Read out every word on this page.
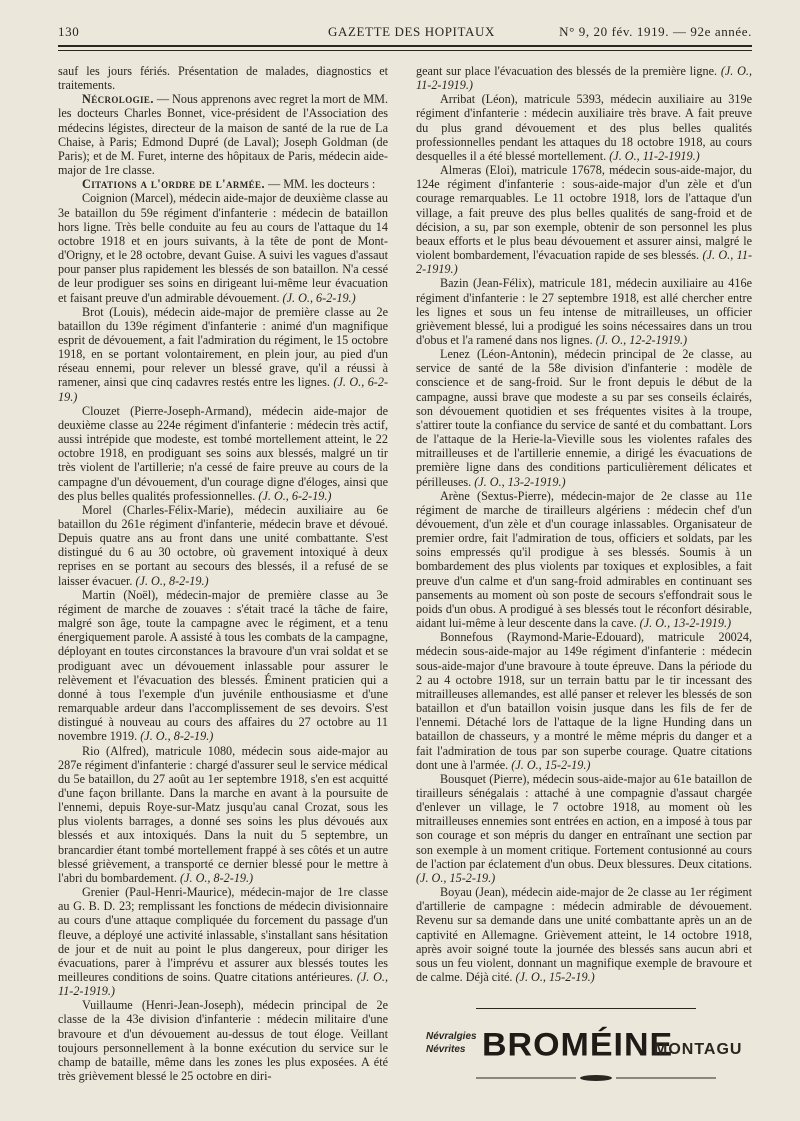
130	GAZETTE DES HOPITAUX	N° 9, 20 fév. 1919. — 92e année.

sauf les jours fériés. Présentation de malades, diagnostics et traitements.

Nécrologie. — Nous apprenons avec regret la mort de MM. les docteurs Charles Bonnet, vice-président de l'Association des médecins légistes, directeur de la maison de santé de la rue de La Chaise, à Paris; Edmond Dupré (de Laval); Joseph Goldman (de Paris); et de M. Furet, interne des hôpitaux de Paris, médecin aide-major de 1re classe.

Citations a l'ordre de l'armée. — MM. les docteurs :

Coignion (Marcel), médecin aide-major de deuxième classe au 3e bataillon du 59e régiment d'infanterie : médecin de bataillon hors ligne. Très belle conduite au feu au cours de l'attaque du 14 octobre 1918 et en jours suivants, à la tête de pont de Mont-d'Origny, et le 28 octobre, devant Guise. A suivi les vagues d'assaut pour panser plus rapidement les blessés de son bataillon. N'a cessé de leur prodiguer ses soins en dirigeant lui-même leur évacuation et faisant preuve d'un admirable dévouement. (J. O., 6-2-19.)

Brot (Louis), médecin aide-major de première classe au 2e bataillon du 139e régiment d'infanterie : animé d'un magnifique esprit de dévouement, a fait l'admiration du régiment, le 15 octobre 1918, en se portant volontairement, en plein jour, au pied d'un réseau ennemi, pour relever un blessé grave, qu'il a réussi à ramener, ainsi que cinq cadavres restés entre les lignes. (J. O., 6-2-19.)

Clouzet (Pierre-Joseph-Armand), médecin aide-major de deuxième classe au 224e régiment d'infanterie : médecin très actif, aussi intrépide que modeste, est tombé mortellement atteint, le 22 octobre 1918, en prodiguant ses soins aux blessés, malgré un tir très violent de l'artillerie; n'a cessé de faire preuve au cours de la campagne d'un dévouement, d'un courage digne d'éloges, ainsi que des plus belles qualités professionnelles. (J. O., 6-2-19.)

Morel (Charles-Félix-Marie), médecin auxiliaire au 6e bataillon du 261e régiment d'infanterie, médecin brave et dévoué. Depuis quatre ans au front dans une unité combattante. S'est distingué du 6 au 30 octobre, où gravement intoxiqué à deux reprises en se portant au secours des blessés, il a refusé de se laisser évacuer. (J. O., 8-2-19.)

Martin (Noël), médecin-major de première classe au 3e régiment de marche de zouaves : s'était tracé la tâche de faire, malgré son âge, toute la campagne avec le régiment, et a tenu énergiquement parole. A assisté à tous les combats de la campagne, déployant en toutes circonstances la bravoure d'un vrai soldat et se prodiguant avec un dévouement inlassable pour assurer le relèvement et l'évacuation des blessés. Éminent praticien qui a donné à tous l'exemple d'un juvénile enthousiasme et d'une remarquable ardeur dans l'accomplissement de ses devoirs. S'est distingué à nouveau au cours des affaires du 27 octobre au 11 novembre 1919. (J. O., 8-2-19.)

Rio (Alfred), matricule 1080, médecin sous aide-major au 287e régiment d'infanterie : chargé d'assurer seul le service médical du 5e bataillon, du 27 août au 1er septembre 1918, s'en est acquitté d'une façon brillante. Dans la marche en avant à la poursuite de l'ennemi, depuis Roye-sur-Matz jusqu'au canal Crozat, sous les plus violents barrages, a donné ses soins les plus dévoués aux blessés et aux intoxiqués. Dans la nuit du 5 septembre, un brancardier étant tombé mortellement frappé à ses côtés et un autre blessé grièvement, a transporté ce dernier blessé pour le mettre à l'abri du bombardement. (J. O., 8-2-19.)

Grenier (Paul-Henri-Maurice), médecin-major de 1re classe au G. B. D. 23; remplissant les fonctions de médecin divisionnaire au cours d'une attaque compliquée du forcement du passage d'un fleuve, a déployé une activité inlassable, s'installant sans hésitation de jour et de nuit au point le plus dangereux, pour diriger les évacuations, parer à l'imprévu et assurer aux blessés toutes les meilleures conditions de soins. Quatre citations antérieures. (J. O., 11-2-1919.)

Vuillaume (Henri-Jean-Joseph), médecin principal de 2e classe de la 43e division d'infanterie : médecin militaire d'une bravoure et d'un dévouement au-dessus de tout éloge. Veillant toujours personnellement à la bonne exécution du service sur le champ de bataille, même dans les zones les plus exposées. A été très grièvement blessé le 25 octobre en diri-

geant sur place l'évacuation des blessés de la première ligne. (J. O., 11-2-1919.)

Arribat (Léon), matricule 5393, médecin auxiliaire au 319e régiment d'infanterie : médecin auxiliaire très brave. A fait preuve du plus grand dévouement et des plus belles qualités professionnelles pendant les attaques du 18 octobre 1918, au cours desquelles il a été blessé mortellement. (J. O., 11-2-1919.)

Almeras (Eloi), matricule 17678, médecin sous-aide-major, du 124e régiment d'infanterie : sous-aide-major d'un zèle et d'un courage remarquables. Le 11 octobre 1918, lors de l'attaque d'un village, a fait preuve des plus belles qualités de sang-froid et de décision, a su, par son exemple, obtenir de son personnel les plus beaux efforts et le plus beau dévouement et assurer ainsi, malgré le violent bombardement, l'évacuation rapide de ses blessés. (J. O., 11-2-1919.)

Bazin (Jean-Félix), matricule 181, médecin auxiliaire au 416e régiment d'infanterie : le 27 septembre 1918, est allé chercher entre les lignes et sous un feu intense de mitrailleuses, un officier grièvement blessé, lui a prodigué les soins nécessaires dans un trou d'obus et l'a ramené dans nos lignes. (J. O., 12-2-1919.)

Lenez (Léon-Antonin), médecin principal de 2e classe, au service de santé de la 58e division d'infanterie : modèle de conscience et de sang-froid. Sur le front depuis le début de la campagne, aussi brave que modeste a su par ses conseils éclairés, son dévouement quotidien et ses fréquentes visites à la troupe, s'attirer toute la confiance du service de santé et du combattant. Lors de l'attaque de la Herie-la-Vieville sous les violentes rafales des mitrailleuses et de l'artillerie ennemie, a dirigé les évacuations de première ligne dans des conditions particulièrement délicates et périlleuses. (J. O., 13-2-1919.)

Arène (Sextus-Pierre), médecin-major de 2e classe au 11e régiment de marche de tirailleurs algériens : médecin chef d'un dévouement, d'un zèle et d'un courage inlassables. Organisateur de premier ordre, fait l'admiration de tous, officiers et soldats, par les soins empressés qu'il prodigue à ses blessés. Soumis à un bombardement des plus violents par toxiques et explosibles, a fait preuve d'un calme et d'un sang-froid admirables en continuant ses pansements au moment où son poste de secours s'effondrait sous le poids d'un obus. A prodigué à ses blessés tout le réconfort désirable, aidant lui-même à leur descente dans la cave. (J. O., 13-2-1919.)

Bonnefous (Raymond-Marie-Edouard), matricule 20024, médecin sous-aide-major au 149e régiment d'infanterie : médecin sous-aide-major d'une bravoure à toute épreuve. Dans la période du 2 au 4 octobre 1918, sur un terrain battu par le tir incessant des mitrailleuses allemandes, est allé panser et relever les blessés de son bataillon et d'un bataillon voisin jusque dans les fils de fer de l'ennemi. Détaché lors de l'attaque de la ligne Hunding dans un bataillon de chasseurs, y a montré le même mépris du danger et a fait l'admiration de tous par son superbe courage. Quatre citations dont une à l'armée. (J. O., 15-2-19.)

Bousquet (Pierre), médecin sous-aide-major au 61e bataillon de tirailleurs sénégalais : attaché à une compagnie d'assaut chargée d'enlever un village, le 7 octobre 1918, au moment où les mitrailleuses ennemies sont entrées en action, en a imposé à tous par son courage et son mépris du danger en entraînant une section par son exemple à un moment critique. Fortement contusionné au cours de l'action par éclatement d'un obus. Deux blessures. Deux citations. (J. O., 15-2-19.)

Boyau (Jean), médecin aide-major de 2e classe au 1er régiment d'artillerie de campagne : médecin admirable de dévouement. Revenu sur sa demande dans une unité combattante après un an de captivité en Allemagne. Grièvement atteint, le 14 octobre 1918, après avoir soigné toute la journée des blessés sans aucun abri et sous un feu violent, donnant un magnifique exemple de bravoure et de calme. Déjà cité. (J. O., 15-2-19.)

Névralgies
Névrites BROMÉINE
MONTAGU
